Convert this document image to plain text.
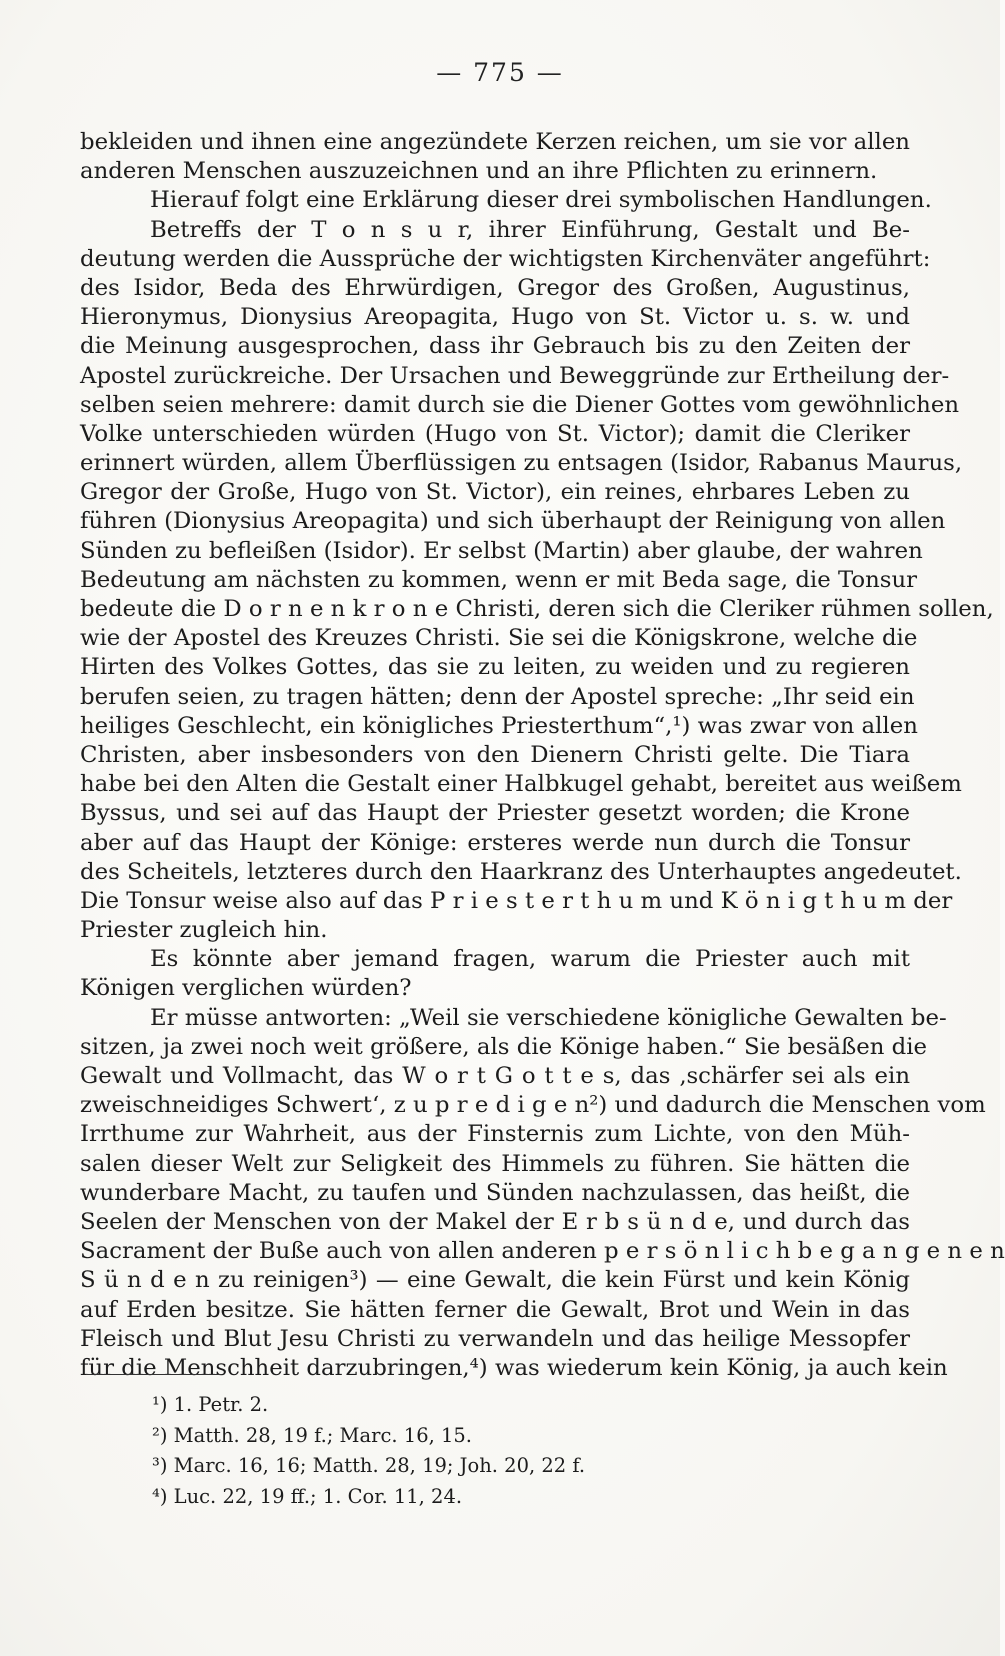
— 775 —
bekleiden und ihnen eine angezündete Kerzen reichen, um sie vor allen
anderen Menschen auszuzeichnen und an ihre Pflichten zu erinnern.
Hierauf folgt eine Erklärung dieser drei symbolischen Handlungen.
Betreffs der T o n s u r, ihrer Einführung, Gestalt und Be-
deutung werden die Aussprüche der wichtigsten Kirchenväter angeführt:
des Isidor, Beda des Ehrwürdigen, Gregor des Großen, Augustinus,
Hieronymus, Dionysius Areopagita, Hugo von St. Victor u. s. w. und
die Meinung ausgesprochen, dass ihr Gebrauch bis zu den Zeiten der
Apostel zurückreiche. Der Ursachen und Beweggründe zur Ertheilung der-
selben seien mehrere: damit durch sie die Diener Gottes vom gewöhnlichen
Volke unterschieden würden (Hugo von St. Victor); damit die Cleriker
erinnert würden, allem Überflüssigen zu entsagen (Isidor, Rabanus Maurus,
Gregor der Große, Hugo von St. Victor), ein reines, ehrbares Leben zu
führen (Dionysius Areopagita) und sich überhaupt der Reinigung von allen
Sünden zu befleißen (Isidor). Er selbst (Martin) aber glaube, der wahren
Bedeutung am nächsten zu kommen, wenn er mit Beda sage, die Tonsur
bedeute die D o r n e n k r o n e Christi, deren sich die Cleriker rühmen sollen,
wie der Apostel des Kreuzes Christi. Sie sei die Königskrone, welche die
Hirten des Volkes Gottes, das sie zu leiten, zu weiden und zu regieren
berufen seien, zu tragen hätten; denn der Apostel spreche: „Ihr seid ein
heiliges Geschlecht, ein königliches Priesterthum“,¹) was zwar von allen
Christen, aber insbesonders von den Dienern Christi gelte. Die Tiara
habe bei den Alten die Gestalt einer Halbkugel gehabt, bereitet aus weißem
Byssus, und sei auf das Haupt der Priester gesetzt worden; die Krone
aber auf das Haupt der Könige: ersteres werde nun durch die Tonsur
des Scheitels, letzteres durch den Haarkranz des Unterhauptes angedeutet.
Die Tonsur weise also auf das P r i e s t e r t h u m und K ö n i g t h u m der
Priester zugleich hin.
Es könnte aber jemand fragen, warum die Priester auch mit
Königen verglichen würden?
Er müsse antworten: „Weil sie verschiedene königliche Gewalten be-
sitzen, ja zwei noch weit größere, als die Könige haben.“ Sie besäßen die
Gewalt und Vollmacht, das W o r t G o t t e s, das ‚schärfer sei als ein
zweischneidiges Schwert‘, z u p r e d i g e n²) und dadurch die Menschen vom
Irrthume zur Wahrheit, aus der Finsternis zum Lichte, von den Müh-
salen dieser Welt zur Seligkeit des Himmels zu führen. Sie hätten die
wunderbare Macht, zu taufen und Sünden nachzulassen, das heißt, die
Seelen der Menschen von der Makel der E r b s ü n d e, und durch das
Sacrament der Buße auch von allen anderen p e r s ö n l i c h b e g a n g e n e n
S ü n d e n zu reinigen³) — eine Gewalt, die kein Fürst und kein König
auf Erden besitze. Sie hätten ferner die Gewalt, Brot und Wein in das
Fleisch und Blut Jesu Christi zu verwandeln und das heilige Messopfer
für die Menschheit darzubringen,⁴) was wiederum kein König, ja auch kein
¹) 1. Petr. 2.
²) Matth. 28, 19 f.; Marc. 16, 15.
³) Marc. 16, 16; Matth. 28, 19; Joh. 20, 22 f.
⁴) Luc. 22, 19 ff.; 1. Cor. 11, 24.
